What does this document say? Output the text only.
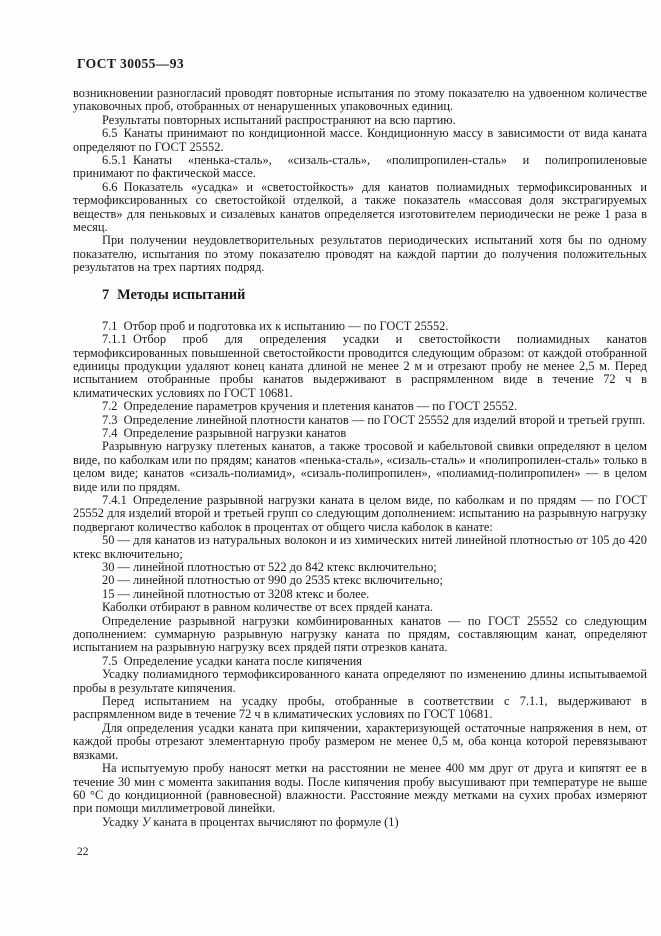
ГОСТ 30055—93

возникновении разногласий проводят повторные испытания по этому показателю на удвоенном количестве упаковочных проб, отобранных от ненарушенных упаковочных единиц.

Результаты повторных испытаний распространяют на всю партию.

6.5 Канаты принимают по кондиционной массе. Кондиционную массу в зависимости от вида каната определяют по ГОСТ 25552.

6.5.1 Канаты «пенька-сталь», «сизаль-сталь», «полипропилен-сталь» и полипропиленовые принимают по фактической массе.

6.6 Показатель «усадка» и «светостойкость» для канатов полиамидных термофиксированных и термофиксированных со светостойкой отделкой, а также показатель «массовая доля экстрагируемых веществ» для пеньковых и сизалевых канатов определяется изготовителем периодически не реже 1 раза в месяц.

При получении неудовлетворительных результатов периодических испытаний хотя бы по одному показателю, испытания по этому показателю проводят на каждой партии до получения положительных результатов на трех партиях подряд.

7 Методы испытаний

7.1 Отбор проб и подготовка их к испытанию — по ГОСТ 25552.

7.1.1 Отбор проб для определения усадки и светостойкости полиамидных канатов термофиксированных повышенной светостойкости проводится следующим образом: от каждой отобранной единицы продукции удаляют конец каната длиной не менее 2 м и отрезают пробу не менее 2,5 м. Перед испытанием отобранные пробы канатов выдерживают в распрямленном виде в течение 72 ч в климатических условиях по ГОСТ 10681.

7.2 Определение параметров кручения и плетения канатов — по ГОСТ 25552.

7.3 Определение линейной плотности канатов — по ГОСТ 25552 для изделий второй и третьей групп.

7.4 Определение разрывной нагрузки канатов

Разрывную нагрузку плетеных канатов, а также тросовой и кабельтовой свивки определяют в целом виде, по каболкам или по прядям; канатов «пенька-сталь», «сизаль-сталь» и «полипропилен-сталь» только в целом виде; канатов «сизаль-полиамид», «сизаль-полипропилен», «полиамид-полипропилен» — в целом виде или по прядям.

7.4.1 Определение разрывной нагрузки каната в целом виде, по каболкам и по прядям — по ГОСТ 25552 для изделий второй и третьей групп со следующим дополнением: испытанию на разрывную нагрузку подвергают количество каболок в процентах от общего числа каболок в канате:

50 — для канатов из натуральных волокон и из химических нитей линейной плотностью от 105 до 420 ктекс включительно;

30 — линейной плотностью от 522 до 842 ктекс включительно;

20 — линейной плотностью от 990 до 2535 ктекс включительно;

15 — линейной плотностью от 3208 ктекс и более.

Каболки отбирают в равном количестве от всех прядей каната.

Определение разрывной нагрузки комбинированных канатов — по ГОСТ 25552 со следующим дополнением: суммарную разрывную нагрузку каната по прядям, составляющим канат, определяют испытанием на разрывную нагрузку всех прядей пяти отрезков каната.

7.5 Определение усадки каната после кипячения

Усадку полиамидного термофиксированного каната определяют по изменению длины испытываемой пробы в результате кипячения.

Перед испытанием на усадку пробы, отобранные в соответствии с 7.1.1, выдерживают в распрямленном виде в течение 72 ч в климатических условиях по ГОСТ 10681.

Для определения усадки каната при кипячении, характеризующей остаточные напряжения в нем, от каждой пробы отрезают элементарную пробу размером не менее 0,5 м, оба конца которой перевязывают вязками.

На испытуемую пробу наносят метки на расстоянии не менее 400 мм друг от друга и кипятят ее в течение 30 мин с момента закипания воды. После кипячения пробу высушивают при температуре не выше 60 °С до кондиционной (равновесной) влажности. Расстояние между метками на сухих пробах измеряют при помощи миллиметровой линейки.

Усадку У каната в процентах вычисляют по формуле (1)

22
